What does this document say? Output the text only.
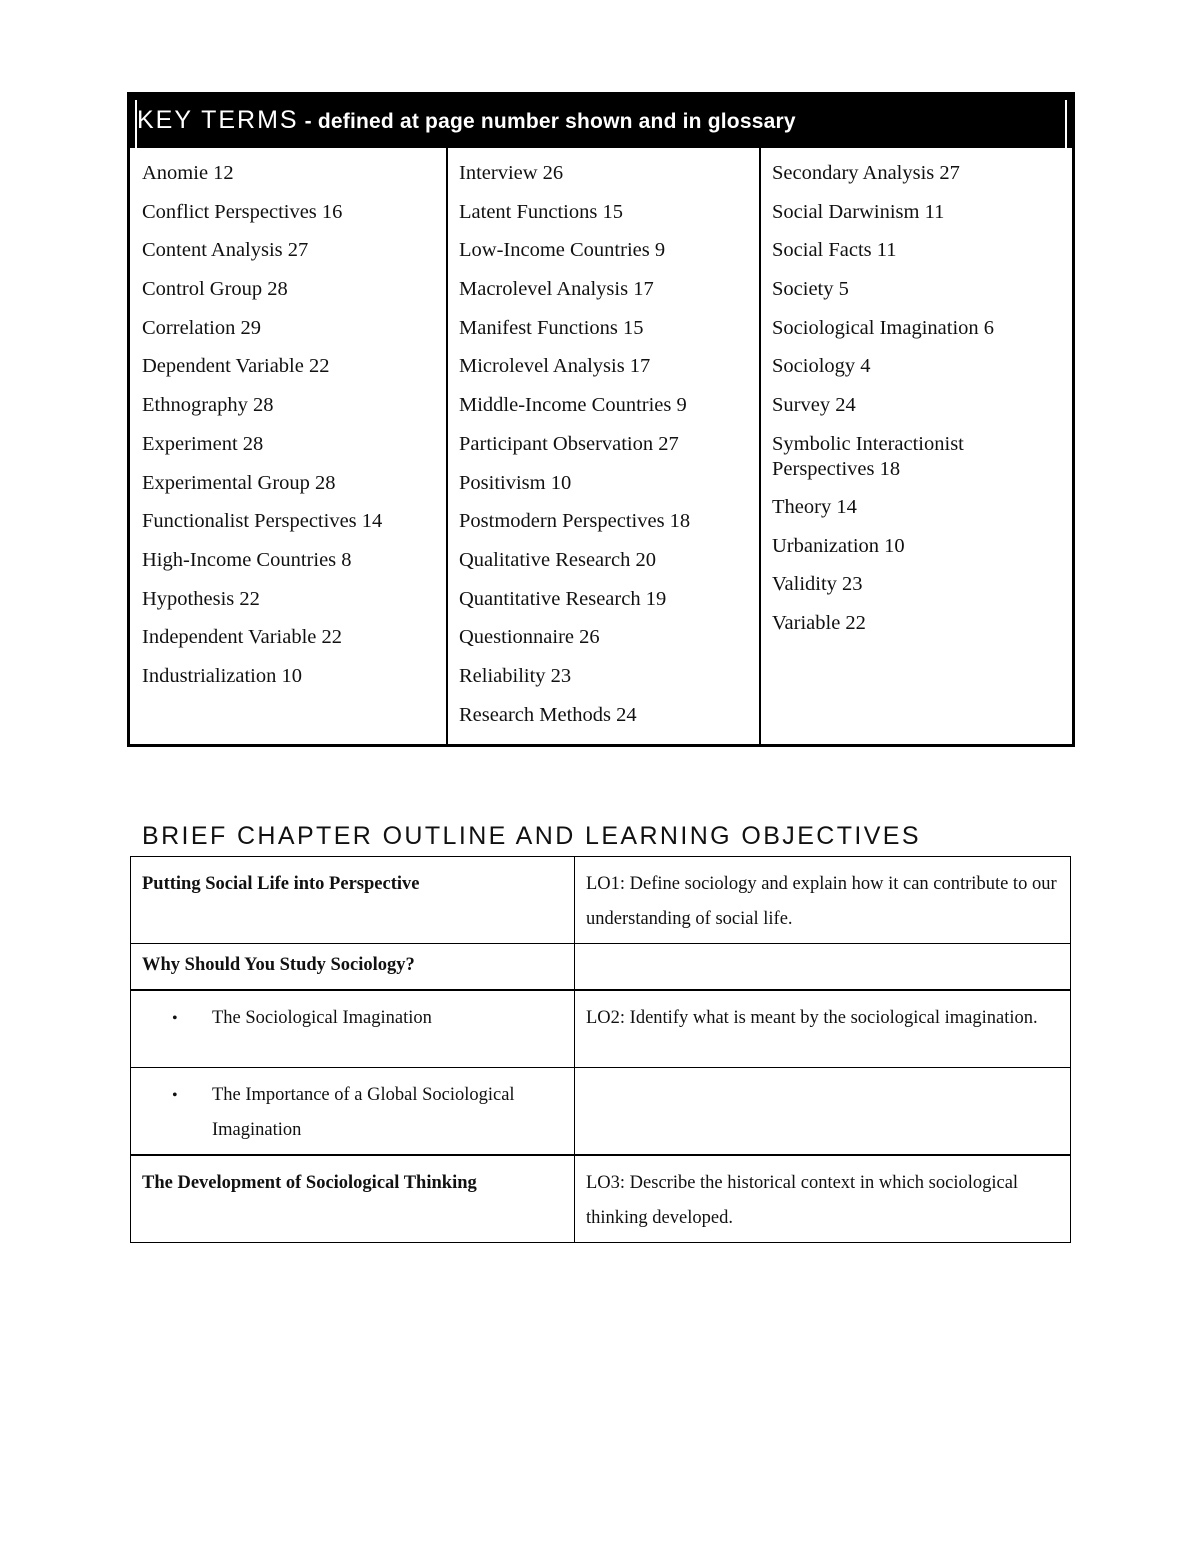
KEY TERMS - defined at page number shown and in glossary
Anomie 12
Conflict Perspectives 16
Content Analysis 27
Control Group 28
Correlation 29
Dependent Variable 22
Ethnography 28
Experiment 28
Experimental Group 28
Functionalist Perspectives 14
High-Income Countries 8
Hypothesis 22
Independent Variable 22
Industrialization 10
Interview 26
Latent Functions 15
Low-Income Countries 9
Macrolevel Analysis 17
Manifest Functions 15
Microlevel Analysis 17
Middle-Income Countries 9
Participant Observation 27
Positivism 10
Postmodern Perspectives 18
Qualitative Research 20
Quantitative Research 19
Questionnaire 26
Reliability 23
Research Methods 24
Secondary Analysis 27
Social Darwinism 11
Social Facts 11
Society 5
Sociological Imagination 6
Sociology 4
Survey 24
Symbolic Interactionist Perspectives 18
Theory 14
Urbanization 10
Validity 23
Variable 22
BRIEF CHAPTER OUTLINE AND LEARNING OBJECTIVES
Putting Social Life into Perspective	LO1: Define sociology and explain how it can contribute to our understanding of social life.
Why Should You Study Sociology?	

• The Sociological Imagination	LO2: Identify what is meant by the sociological imagination.

• The Importance of a Global Sociological Imagination	

The Development of Sociological Thinking	LO3: Describe the historical context in which sociological thinking developed.
